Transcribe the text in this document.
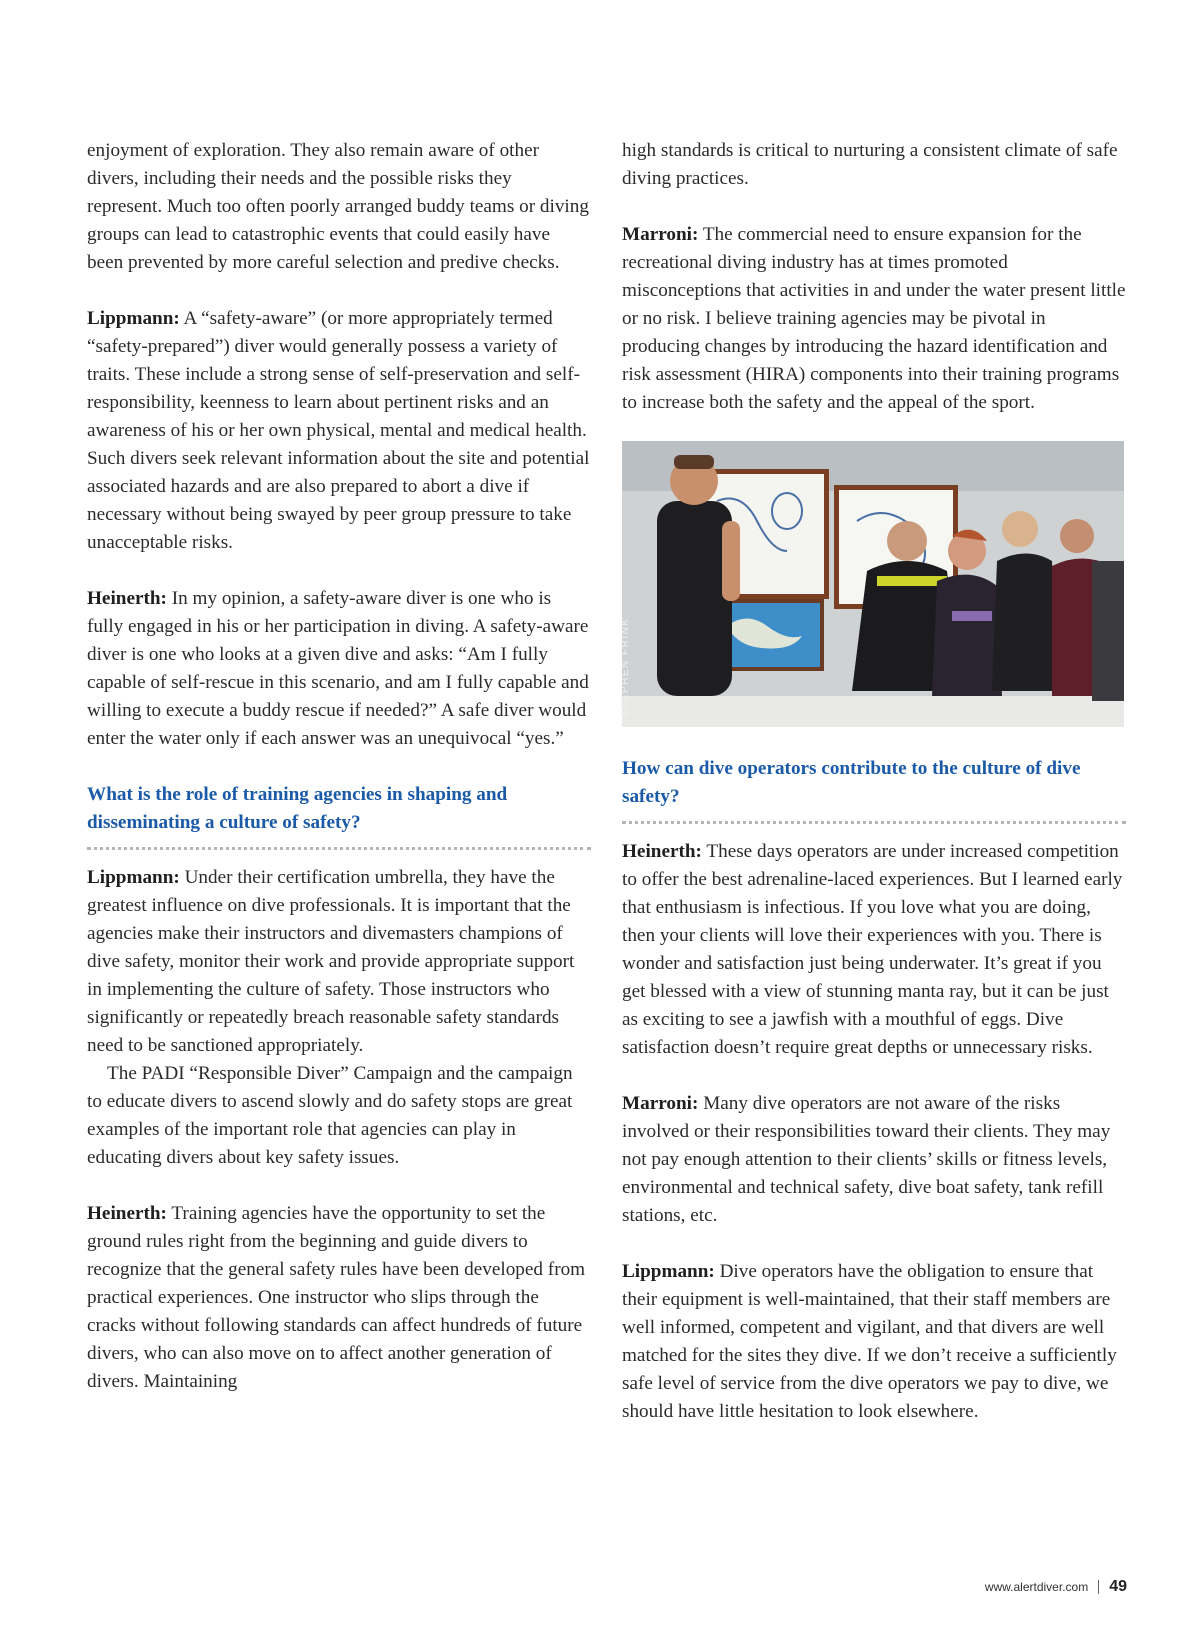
enjoyment of exploration. They also remain aware of other divers, including their needs and the possible risks they represent. Much too often poorly arranged buddy teams or diving groups can lead to catastrophic events that could easily have been prevented by more careful selection and predive checks.

Lippmann: A “safety-aware” (or more appropriately termed “safety-prepared”) diver would generally possess a variety of traits. These include a strong sense of self-preservation and self-responsibility, keenness to learn about pertinent risks and an awareness of his or her own physical, mental and medical health. Such divers seek relevant information about the site and potential associated hazards and are also prepared to abort a dive if necessary without being swayed by peer group pressure to take unacceptable risks.

Heinerth: In my opinion, a safety-aware diver is one who is fully engaged in his or her participation in diving. A safety-aware diver is one who looks at a given dive and asks: “Am I fully capable of self-rescue in this scenario, and am I fully capable and willing to execute a buddy rescue if needed?” A safe diver would enter the water only if each answer was an unequivocal “yes.”

What is the role of training agencies in shaping and disseminating a culture of safety?

Lippmann: Under their certification umbrella, they have the greatest influence on dive professionals. It is important that the agencies make their instructors and divemasters champions of dive safety, monitor their work and provide appropriate support in implementing the culture of safety. Those instructors who significantly or repeatedly breach reasonable safety standards need to be sanctioned appropriately.

The PADI “Responsible Diver” Campaign and the campaign to educate divers to ascend slowly and do safety stops are great examples of the important role that agencies can play in educating divers about key safety issues.

Heinerth: Training agencies have the opportunity to set the ground rules right from the beginning and guide divers to recognize that the general safety rules have been developed from practical experiences. One instructor who slips through the cracks without following standards can affect hundreds of future divers, who can also move on to affect another generation of divers. Maintaining

high standards is critical to nurturing a consistent climate of safe diving practices.

Marroni: The commercial need to ensure expansion for the recreational diving industry has at times promoted misconceptions that activities in and under the water present little or no risk. I believe training agencies may be pivotal in producing changes by introducing the hazard identification and risk assessment (HIRA) components into their training programs to increase both the safety and the appeal of the sport.

STEPHEN FRINK
How can dive operators contribute to the culture of dive safety?

Heinerth: These days operators are under increased competition to offer the best adrenaline-laced experiences. But I learned early that enthusiasm is infectious. If you love what you are doing, then your clients will love their experiences with you. There is wonder and satisfaction just being underwater. It’s great if you get blessed with a view of stunning manta ray, but it can be just as exciting to see a jawfish with a mouthful of eggs. Dive satisfaction doesn’t require great depths or unnecessary risks.

Marroni: Many dive operators are not aware of the risks involved or their responsibilities toward their clients. They may not pay enough attention to their clients’ skills or fitness levels, environmental and technical safety, dive boat safety, tank refill stations, etc.

Lippmann: Dive operators have the obligation to ensure that their equipment is well-maintained, that their staff members are well informed, competent and vigilant, and that divers are well matched for the sites they dive. If we don’t receive a sufficiently safe level of service from the dive operators we pay to dive, we should have little hesitation to look elsewhere.

www.alertdiver.com 49
